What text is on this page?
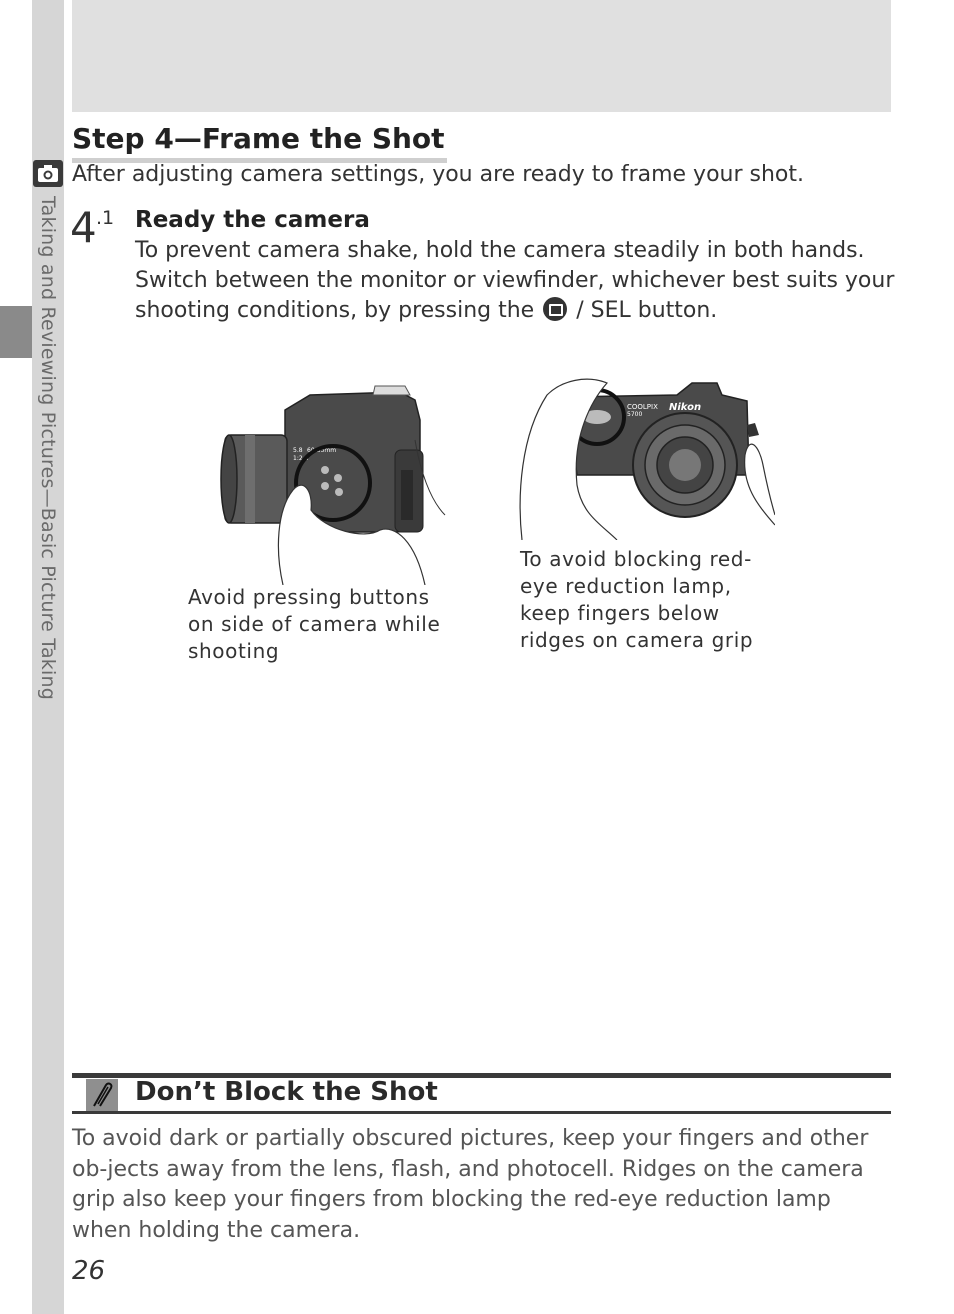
Taking and Reviewing Pictures—Basic Picture Taking
Step 4—Frame the Shot

After adjusting camera settings, you are ready to frame your shot.

4 .1 Ready the camera

To prevent camera shake, hold the camera steadily in both hands. Switch between the monitor or viewfinder, whichever best suits your shooting conditions, by pressing the / SEL button.

5.8 60-35mm
1:2.8

Avoid pressing buttons on side of camera while shooting

COOLPIX
5700
Nikon

To avoid blocking red-eye reduction lamp, keep fingers below ridges on camera grip

Don’t Block the Shot

To avoid dark or partially obscured pictures, keep your fingers and other ob-jects away from the lens, flash, and photocell. Ridges on the camera grip also keep your fingers from blocking the red-eye reduction lamp when holding the camera.

26
